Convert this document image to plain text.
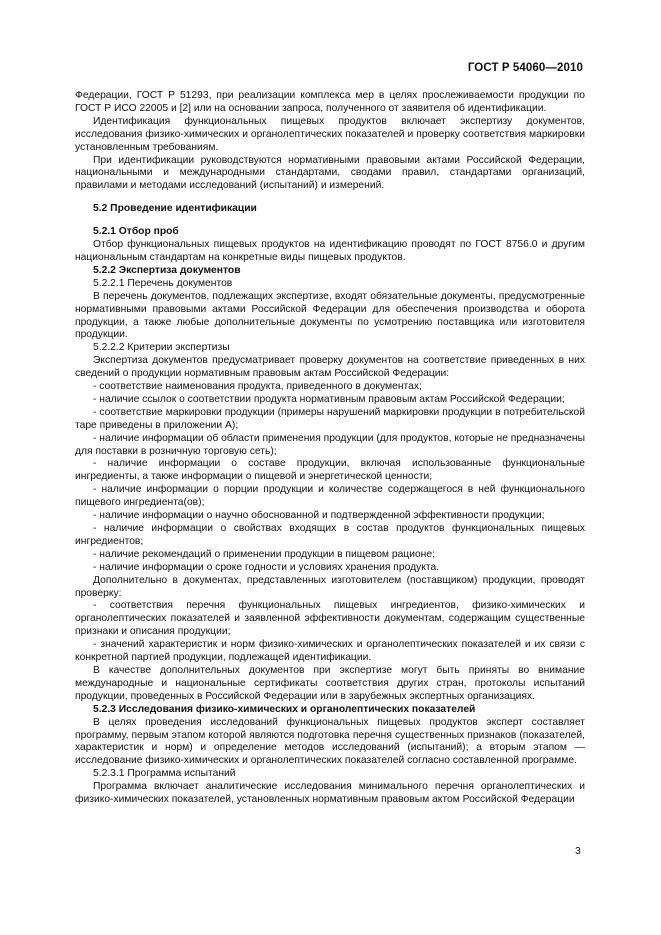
ГОСТ Р 54060—2010

Федерации, ГОСТ Р 51293, при реализации комплекса мер в целях прослеживаемости продукции по ГОСТ Р ИСО 22005 и [2] или на основании запроса, полученного от заявителя об идентификации.

Идентификация функциональных пищевых продуктов включает экспертизу документов, исследования физико-химических и органолептических показателей и проверку соответствия маркировки установленным требованиям.

При идентификации руководствуются нормативными правовыми актами Российской Федерации, национальными и международными стандартами, сводами правил, стандартами организаций, правилами и методами исследований (испытаний) и измерений.

5.2 Проведение идентификации

5.2.1 Отбор проб

Отбор функциональных пищевых продуктов на идентификацию проводят по ГОСТ 8756.0 и другим национальным стандартам на конкретные виды пищевых продуктов.

5.2.2 Экспертиза документов

5.2.2.1 Перечень документов

В перечень документов, подлежащих экспертизе, входят обязательные документы, предусмотренные нормативными правовыми актами Российской Федерации для обеспечения производства и оборота продукции, а также любые дополнительные документы по усмотрению поставщика или изготовителя продукции.

5.2.2.2 Критерии экспертизы

Экспертиза документов предусматривает проверку документов на соответствие приведенных в них сведений о продукции нормативным правовым актам Российской Федерации:

- соответствие наименования продукта, приведенного в документах;

- наличие ссылок о соответствии продукта нормативным правовым актам Российской Федерации;

- соответствие маркировки продукции (примеры нарушений маркировки продукции в потребительской таре приведены в приложении А);

- наличие информации об области применения продукции (для продуктов, которые не предназначены для поставки в розничную торговую сеть);

- наличие информации о составе продукции, включая использованные функциональные ингредиенты, а также информации о пищевой и энергетической ценности;

- наличие информации о порции продукции и количестве содержащегося в ней функционального пищевого ингредиента(ов);

- наличие информации о научно обоснованной и подтвержденной эффективности продукции;

- наличие информации о свойствах входящих в состав продуктов функциональных пищевых ингредиентов;

- наличие рекомендаций о применении продукции в пищевом рационе;

- наличие информации о сроке годности и условиях хранения продукта.

Дополнительно в документах, представленных изготовителем (поставщиком) продукции, проводят проверку:

- соответствия перечня функциональных пищевых ингредиентов, физико-химических и органолептических показателей и заявленной эффективности документам, содержащим существенные признаки и описания продукции;

- значений характеристик и норм физико-химических и органолептических показателей и их связи с конкретной партией продукции, подлежащей идентификации.

В качестве дополнительных документов при экспертизе могут быть приняты во внимание международные и национальные сертификаты соответствия других стран, протоколы испытаний продукции, проведенных в Российской Федерации или в зарубежных экспертных организациях.

5.2.3 Исследования физико-химических и органолептических показателей

В целях проведения исследований функциональных пищевых продуктов эксперт составляет программу, первым этапом которой являются подготовка перечня существенных признаков (показателей, характеристик и норм) и определение методов исследований (испытаний); а вторым этапом — исследование физико-химических и органолептических показателей согласно составленной программе.

5.2.3.1 Программа испытаний

Программа включает аналитические исследования минимального перечня органолептических и физико-химических показателей, установленных нормативным правовым актом Российской Федерации

3
